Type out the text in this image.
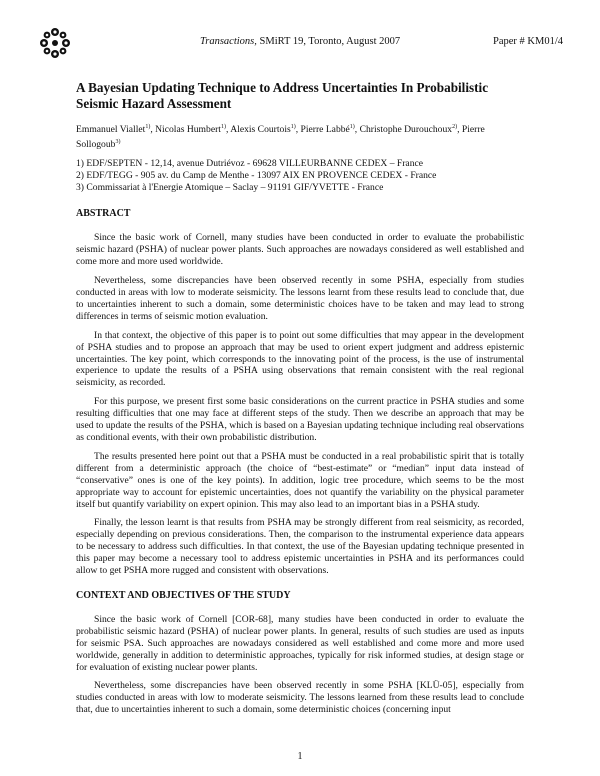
Transactions, SMiRT 19, Toronto, August 2007	Paper # KM01/4
A Bayesian Updating Technique to Address Uncertainties In Probabilistic Seismic Hazard Assessment
Emmanuel Viallet$^{1)}$, Nicolas Humbert$^{1)}$, Alexis Courtois$^{1)}$, Pierre Labbé$^{1)}$, Christophe Durouchoux$^{2)}$, Pierre Sollogoub$^{3)}$

1) EDF/SEPTEN - 12,14, avenue Dutriévoz - 69628 VILLEURBANNE CEDEX – France

2) EDF/TEGG - 905 av. du Camp de Menthe - 13097 AIX EN PROVENCE CEDEX - France

3) Commissariat à l'Energie Atomique – Saclay – 91191 GIF/YVETTE - France

ABSTRACT

Since the basic work of Cornell, many studies have been conducted in order to evaluate the probabilistic seismic hazard (PSHA) of nuclear power plants. Such approaches are nowadays considered as well established and come more and more used worldwide.

Nevertheless, some discrepancies have been observed recently in some PSHA, especially from studies conducted in areas with low to moderate seismicity. The lessons learnt from these results lead to conclude that, due to uncertainties inherent to such a domain, some deterministic choices have to be taken and may lead to strong differences in terms of seismic motion evaluation.

In that context, the objective of this paper is to point out some difficulties that may appear in the development of PSHA studies and to propose an approach that may be used to orient expert judgment and address episternic uncertainties. The key point, which corresponds to the innovating point of the process, is the use of instrumental experience to update the results of a PSHA using observations that remain consistent with the real regional seismicity, as recorded.

For this purpose, we present first some basic considerations on the current practice in PSHA studies and some resulting difficulties that one may face at different steps of the study. Then we describe an approach that may be used to update the results of the PSHA, which is based on a Bayesian updating technique including real observations as conditional events, with their own probabilistic distribution.

The results presented here point out that a PSHA must be conducted in a real probabilistic spirit that is totally different from a deterministic approach (the choice of “best-estimate” or “median” input data instead of “conservative” ones is one of the key points). In addition, logic tree procedure, which seems to be the most appropriate way to account for epistemic uncertainties, does not quantify the variability on the physical parameter itself but quantify variability on expert opinion. This may also lead to an important bias in a PSHA study.

Finally, the lesson learnt is that results from PSHA may be strongly different from real seismicity, as recorded, especially depending on previous considerations. Then, the comparison to the instrumental experience data appears to be necessary to address such difficulties. In that context, the use of the Bayesian updating technique presented in this paper may become a necessary tool to address epistemic uncertainties in PSHA and its performances could allow to get PSHA more rugged and consistent with observations.

CONTEXT AND OBJECTIVES OF THE STUDY

Since the basic work of Cornell [COR-68], many studies have been conducted in order to evaluate the probabilistic seismic hazard (PSHA) of nuclear power plants. In general, results of such studies are used as inputs for seismic PSA. Such approaches are nowadays considered as well established and come more and more used worldwide, generally in addition to deterministic approaches, typically for risk informed studies, at design stage or for evaluation of existing nuclear power plants.

Nevertheless, some discrepancies have been observed recently in some PSHA [KLÜ-05], especially from studies conducted in areas with low to moderate seismicity. The lessons learned from these results lead to conclude that, due to uncertainties inherent to such a domain, some deterministic choices (concerning input

1
